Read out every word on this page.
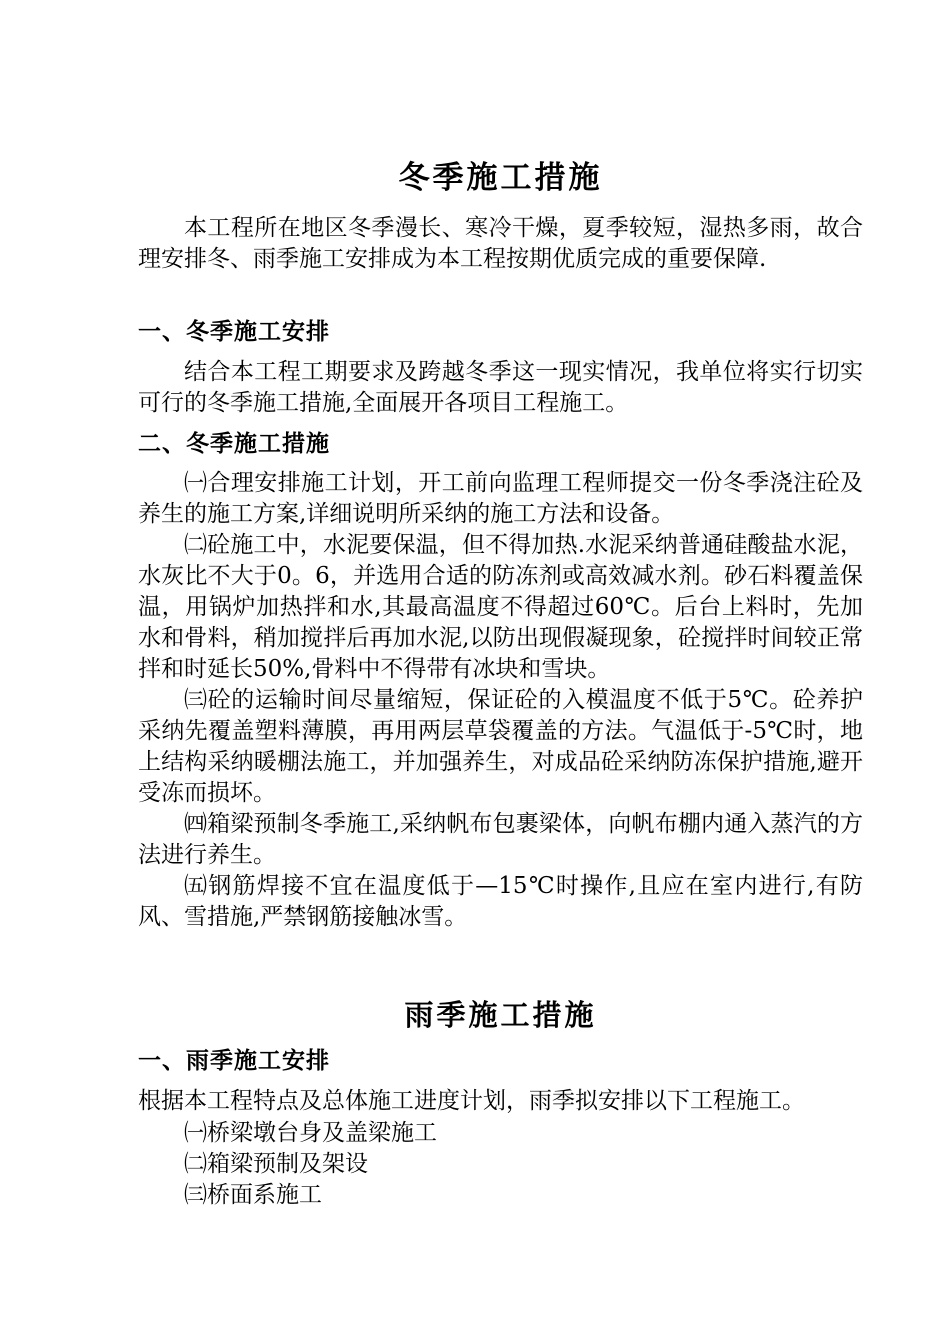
冬季施工措施

本工程所在地区冬季漫长、寒冷干燥，夏季较短，湿热多雨，故合理安排冬、雨季施工安排成为本工程按期优质完成的重要保障.

一、冬季施工安排

结合本工程工期要求及跨越冬季这一现实情况，我单位将实行切实可行的冬季施工措施,全面展开各项目工程施工。

二、冬季施工措施

㈠合理安排施工计划，开工前向监理工程师提交一份冬季浇注砼及养生的施工方案,详细说明所采纳的施工方法和设备。

㈡砼施工中，水泥要保温，但不得加热.水泥采纳普通硅酸盐水泥，水灰比不大于0。6，并选用合适的防冻剂或高效减水剂。砂石料覆盖保温，用锅炉加热拌和水,其最高温度不得超过60℃。后台上料时，先加水和骨料，稍加搅拌后再加水泥,以防出现假凝现象，砼搅拌时间较正常拌和时延长50%,骨料中不得带有冰块和雪块。

㈢砼的运输时间尽量缩短，保证砼的入模温度不低于5℃。砼养护采纳先覆盖塑料薄膜，再用两层草袋覆盖的方法。气温低于-5℃时，地上结构采纳暖棚法施工，并加强养生，对成品砼采纳防冻保护措施,避开受冻而损坏。

㈣箱梁预制冬季施工,采纳帆布包裹梁体，向帆布棚内通入蒸汽的方法进行养生。

㈤钢筋焊接不宜在温度低于—15℃时操作,且应在室内进行,有防风、雪措施,严禁钢筋接触冰雪。

雨季施工措施
一、雨季施工安排

根据本工程特点及总体施工进度计划，雨季拟安排以下工程施工。

㈠桥梁墩台身及盖梁施工
㈡箱梁预制及架设
㈢桥面系施工
